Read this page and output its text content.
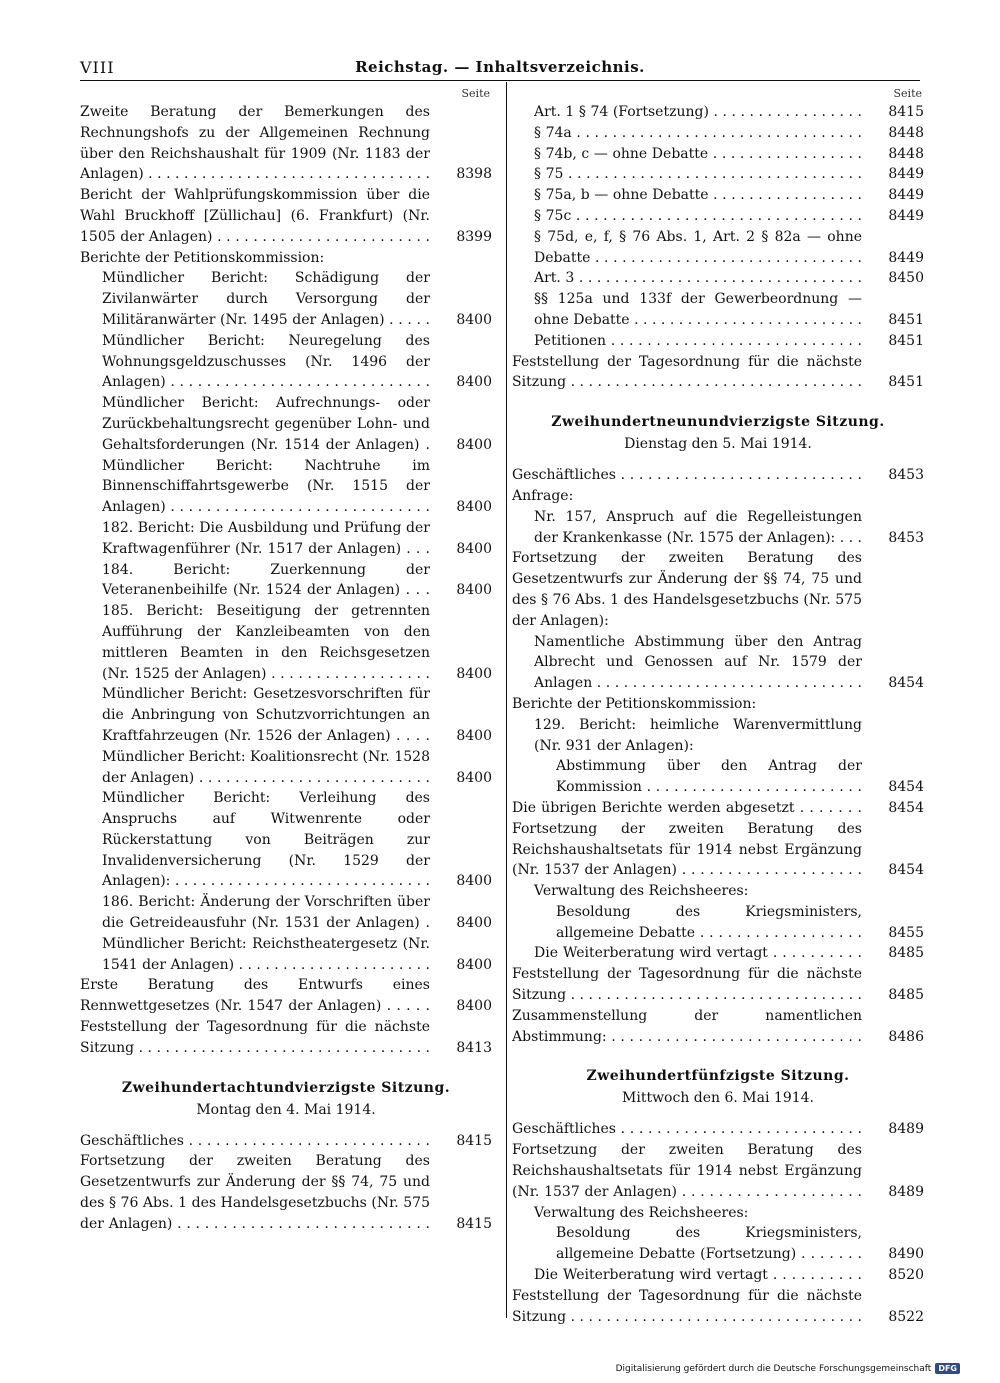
VIII	Reichstag. — Inhaltsverzeichnis.
Seite
Zweite Beratung der Bemerkungen des Rechnungshofs zu der Allgemeinen Rechnung über den Reichshaushalt für 1909 (Nr. 1183 der Anlagen) . . .	8398
Bericht der Wahlprüfungskommission über die Wahl Bruckhoff [Züllichau] (6. Frankfurt) (Nr. 1505 der Anlagen) . . .	8399
Berichte der Petitionskommission:
Mündlicher Bericht: Schädigung der Zivilanwärter durch Versorgung der Militäranwärter (Nr. 1495 der Anlagen) . . .	8400
Mündlicher Bericht: Neuregelung des Wohnungsgeldzuschusses (Nr. 1496 der Anlagen) . . .	8400
Mündlicher Bericht: Aufrechnungs- oder Zurückbehaltungsrecht gegenüber Lohn- und Gehaltsforderungen (Nr. 1514 der Anlagen) . . .	8400
Mündlicher Bericht: Nachtruhe im Binnenschiffahrtsgewerbe (Nr. 1515 der Anlagen) . . .	8400
182. Bericht: Die Ausbildung und Prüfung der Kraftwagenführer (Nr. 1517 der Anlagen) . . .	8400
184. Bericht: Zuerkennung der Veteranenbeihilfe (Nr. 1524 der Anlagen) . . .	8400
185. Bericht: Beseitigung der getrennten Aufführung der Kanzleibeamten von den mittleren Beamten in den Reichsgesetzen (Nr. 1525 der Anlagen) . . .	8400
Mündlicher Bericht: Gesetzesvorschriften für die Anbringung von Schutzvorrichtungen an Kraftfahrzeugen (Nr. 1526 der Anlagen) . . .	8400
Mündlicher Bericht: Koalitionsrecht (Nr. 1528 der Anlagen) . . .	8400
Mündlicher Bericht: Verleihung des Anspruchs auf Witwenrente oder Rückerstattung von Beiträgen zur Invalidenversicherung (Nr. 1529 der Anlagen): . . .	8400
186. Bericht: Änderung der Vorschriften über die Getreideausfuhr (Nr. 1531 der Anlagen) . . .	8400
Mündlicher Bericht: Reichstheatergesetz (Nr. 1541 der Anlagen) . . .	8400
Erste Beratung des Entwurfs eines Rennwettgesetzes (Nr. 1547 der Anlagen) . . .	8400
Feststellung der Tagesordnung für die nächste Sitzung . . .	8413
Zweihundertachtundvierzigste Sitzung.
Montag den 4. Mai 1914.
Geschäftliches . . .	8415
Fortsetzung der zweiten Beratung des Gesetzentwurfs zur Änderung der §§ 74, 75 und des § 76 Abs. 1 des Handelsgesetzbuchs (Nr. 575 der Anlagen) . . .	8415
Seite
Art. 1 § 74 (Fortsetzung) . . .	8415
§ 74a . . .	8448
§ 74b, c — ohne Debatte . . .	8448
§ 75 . . .	8449
§ 75a, b — ohne Debatte . . .	8449
§ 75c . . .	8449
§ 75d, e, f, § 76 Abs. 1, Art. 2 § 82a — ohne Debatte . . .	8449
Art. 3 . . .	8450
§§ 125a und 133f der Gewerbeordnung — ohne Debatte . . .	8451
Petitionen . . .	8451
Feststellung der Tagesordnung für die nächste Sitzung . . .	8451
Zweihundertneunundvierzigste Sitzung.
Dienstag den 5. Mai 1914.
Geschäftliches . . .	8453
Anfrage:
Nr. 157, Anspruch auf die Regelleistungen der Krankenkasse (Nr. 1575 der Anlagen): . . .	8453
Fortsetzung der zweiten Beratung des Gesetzentwurfs zur Änderung der §§ 74, 75 und des § 76 Abs. 1 des Handelsgesetzbuchs (Nr. 575 der Anlagen):
Namentliche Abstimmung über den Antrag Albrecht und Genossen auf Nr. 1579 der Anlagen . . .	8454
Berichte der Petitionskommission:
129. Bericht: heimliche Warenvermittlung (Nr. 931 der Anlagen):
Abstimmung über den Antrag der Kommission . . .	8454
Die übrigen Berichte werden abgesetzt . . .	8454
Fortsetzung der zweiten Beratung des Reichshaushaltsetats für 1914 nebst Ergänzung (Nr. 1537 der Anlagen) . . .	8454
Verwaltung des Reichsheeres:
Besoldung des Kriegsministers, allgemeine Debatte . . .	8455
Die Weiterberatung wird vertagt . . .	8485
Feststellung der Tagesordnung für die nächste Sitzung . . .	8485
Zusammenstellung der namentlichen Abstimmung: . . .	8486
Zweihundertfünfzigste Sitzung.
Mittwoch den 6. Mai 1914.
Geschäftliches . . .	8489
Fortsetzung der zweiten Beratung des Reichshaushaltsetats für 1914 nebst Ergänzung (Nr. 1537 der Anlagen) . . .	8489
Verwaltung des Reichsheeres:
Besoldung des Kriegsministers, allgemeine Debatte (Fortsetzung) . . .	8490
Die Weiterberatung wird vertagt . . .	8520
Feststellung der Tagesordnung für die nächste Sitzung . . .	8522
Digitalisierung gefördert durch die Deutsche Forschungsgemeinschaft DFG
